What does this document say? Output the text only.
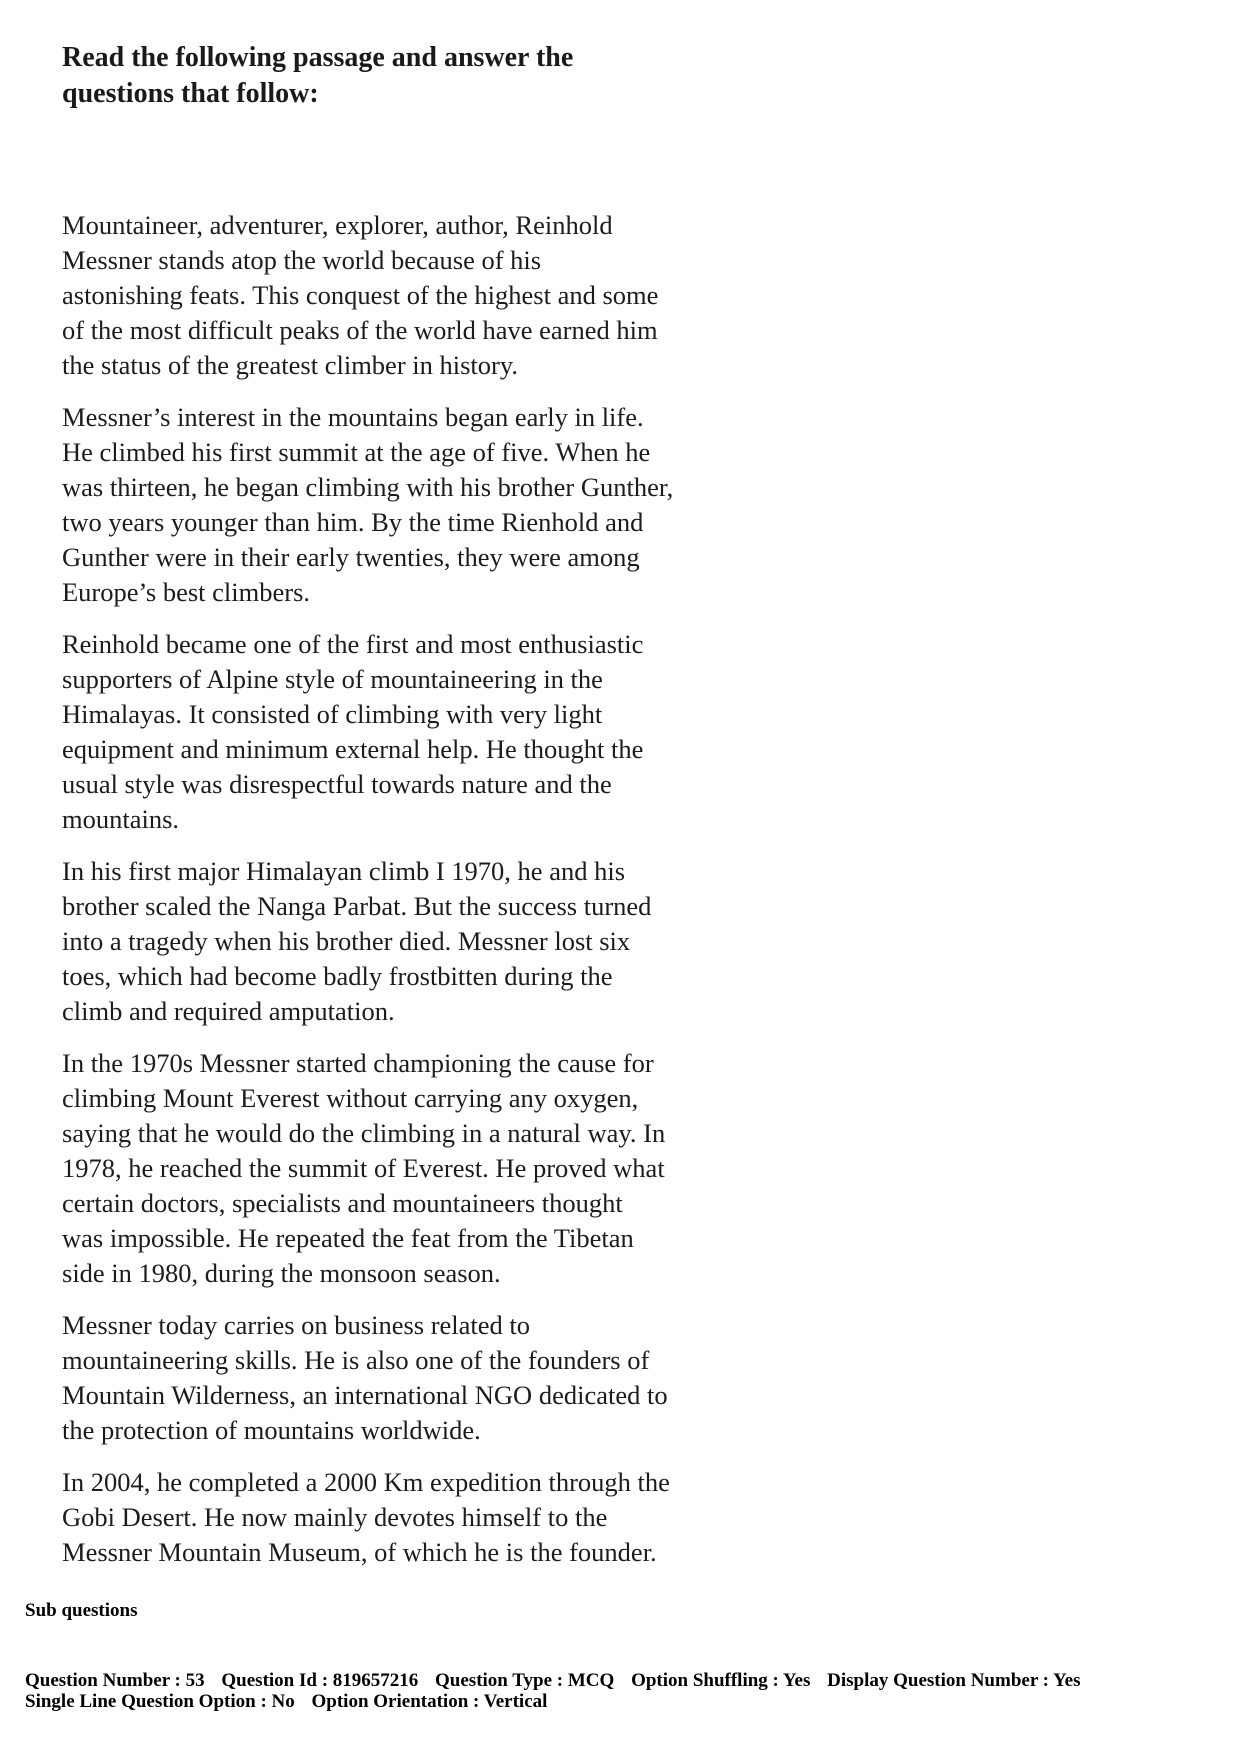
Read the following passage and answer the
questions that follow:

Mountaineer, adventurer, explorer, author, Reinhold
Messner stands atop the world because of his
astonishing feats. This conquest of the highest and some
of the most difficult peaks of the world have earned him
the status of the greatest climber in history.

Messner’s interest in the mountains began early in life.
He climbed his first summit at the age of five. When he
was thirteen, he began climbing with his brother Gunther,
two years younger than him. By the time Rienhold and
Gunther were in their early twenties, they were among
Europe’s best climbers.

Reinhold became one of the first and most enthusiastic
supporters of Alpine style of mountaineering in the
Himalayas. It consisted of climbing with very light
equipment and minimum external help. He thought the
usual style was disrespectful towards nature and the
mountains.

In his first major Himalayan climb I 1970, he and his
brother scaled the Nanga Parbat. But the success turned
into a tragedy when his brother died. Messner lost six
toes, which had become badly frostbitten during the
climb and required amputation.

In the 1970s Messner started championing the cause for
climbing Mount Everest without carrying any oxygen,
saying that he would do the climbing in a natural way. In
1978, he reached the summit of Everest. He proved what
certain doctors, specialists and mountaineers thought
was impossible. He repeated the feat from the Tibetan
side in 1980, during the monsoon season.

Messner today carries on business related to
mountaineering skills. He is also one of the founders of
Mountain Wilderness, an international NGO dedicated to
the protection of mountains worldwide.

In 2004, he completed a 2000 Km expedition through the
Gobi Desert. He now mainly devotes himself to the
Messner Mountain Museum, of which he is the founder.

Sub questions

Question Number : 53 Question Id : 819657216 Question Type : MCQ Option Shuffling : Yes Display Question Number : Yes
Single Line Question Option : No Option Orientation : Vertical
